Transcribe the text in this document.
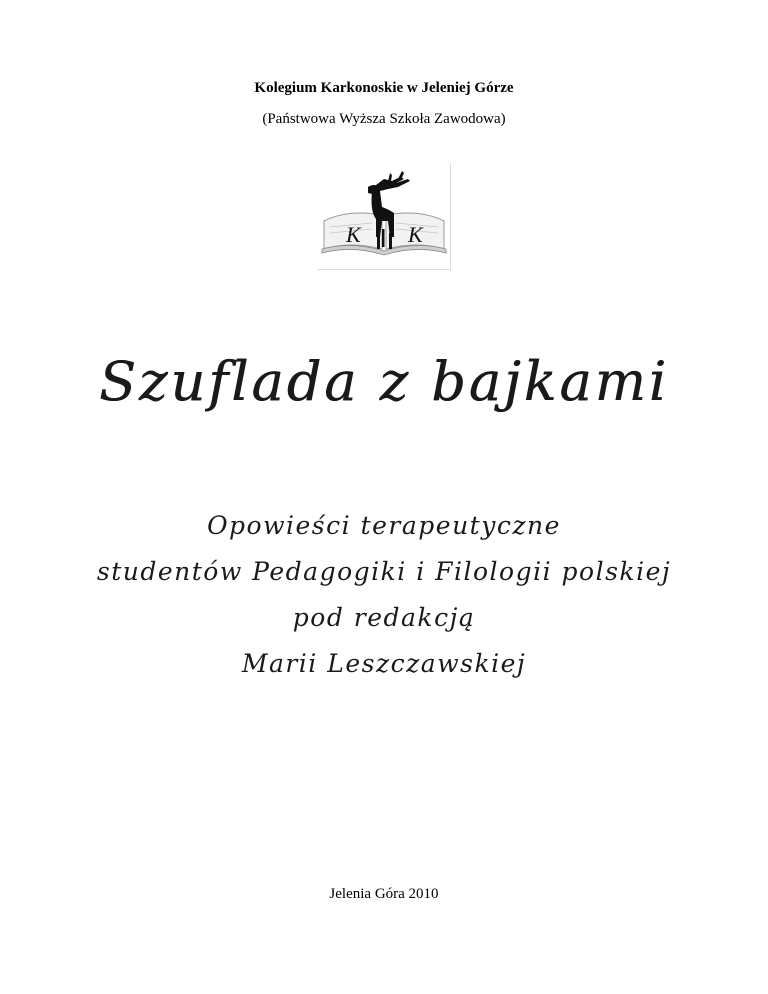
Kolegium Karkonoskie w Jeleniej Górze
(Państwowa Wyższa Szkoła Zawodowa)
K K
Szuflada z bajkami
Opowieści terapeutyczne
studentów Pedagogiki i Filologii polskiej
pod redakcją
Marii Leszczawskiej
Jelenia Góra 2010
